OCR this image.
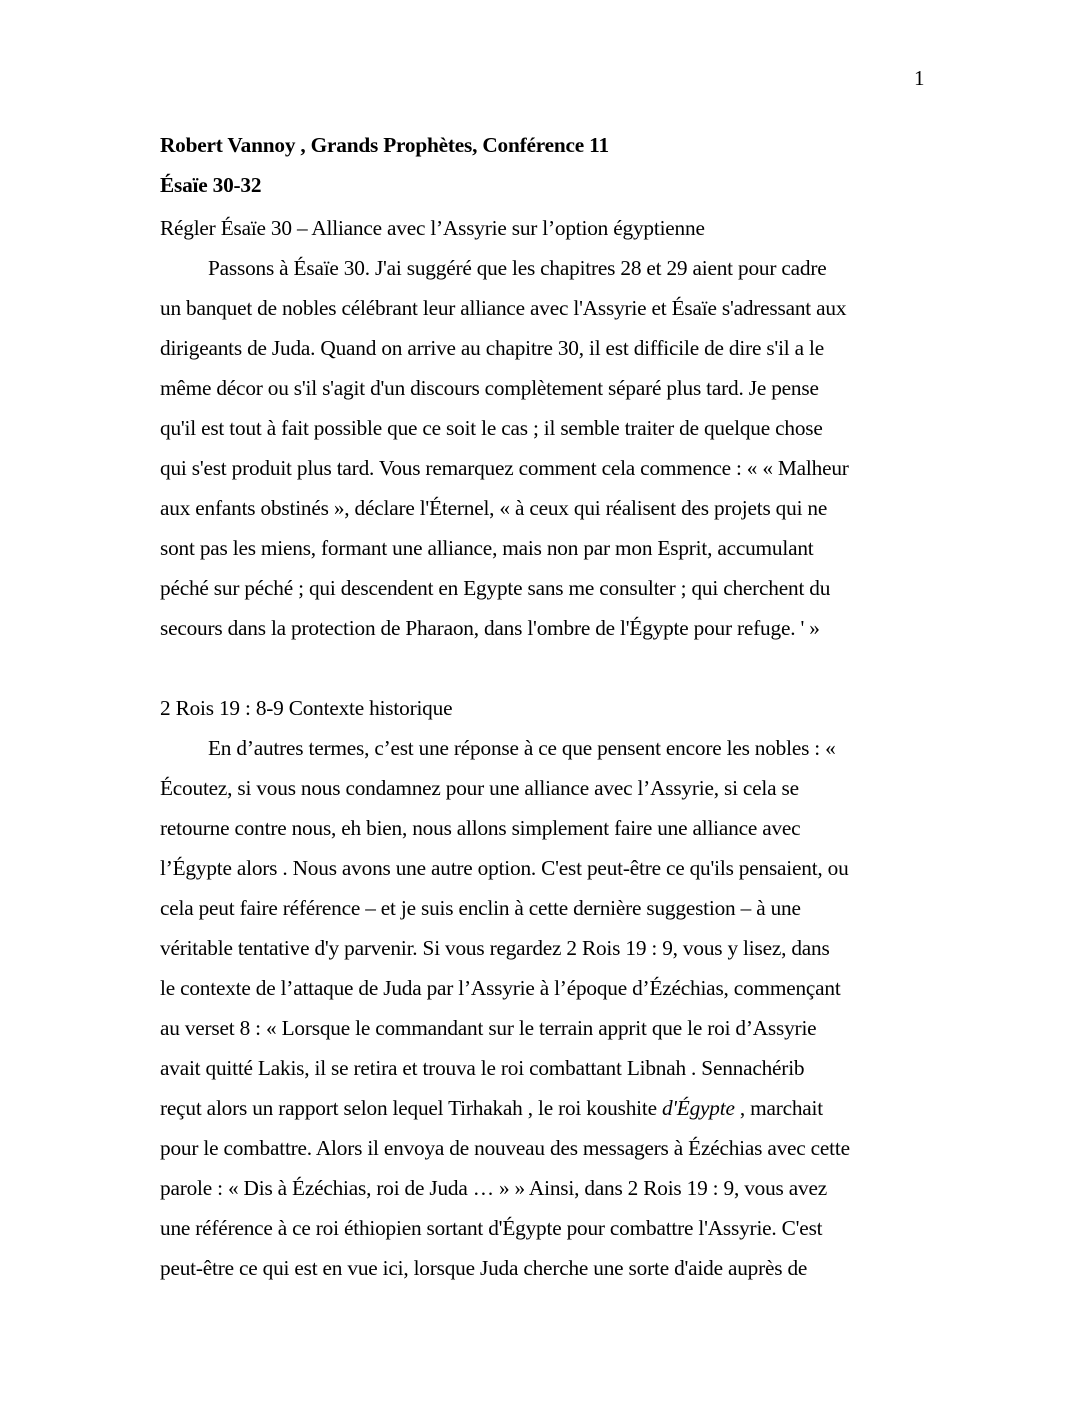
1
Robert Vannoy , Grands Prophètes, Conférence 11
Ésaïe 30-32
Régler Ésaïe 30 – Alliance avec l’Assyrie sur l’option égyptienne
Passons à Ésaïe 30. J'ai suggéré que les chapitres 28 et 29 aient pour cadre
un banquet de nobles célébrant leur alliance avec l'Assyrie et Ésaïe s'adressant aux
dirigeants de Juda. Quand on arrive au chapitre 30, il est difficile de dire s'il a le
même décor ou s'il s'agit d'un discours complètement séparé plus tard. Je pense
qu'il est tout à fait possible que ce soit le cas ; il semble traiter de quelque chose
qui s'est produit plus tard. Vous remarquez comment cela commence : « « Malheur
aux enfants obstinés », déclare l'Éternel, « à ceux qui réalisent des projets qui ne
sont pas les miens, formant une alliance, mais non par mon Esprit, accumulant
péché sur péché ; qui descendent en Egypte sans me consulter ; qui cherchent du
secours dans la protection de Pharaon, dans l'ombre de l'Égypte pour refuge. ' »
2 Rois 19 : 8-9 Contexte historique
En d’autres termes, c’est une réponse à ce que pensent encore les nobles : «
Écoutez, si vous nous condamnez pour une alliance avec l’Assyrie, si cela se
retourne contre nous, eh bien, nous allons simplement faire une alliance avec
l’Égypte alors . Nous avons une autre option. C'est peut-être ce qu'ils pensaient, ou
cela peut faire référence – et je suis enclin à cette dernière suggestion – à une
véritable tentative d'y parvenir. Si vous regardez 2 Rois 19 : 9, vous y lisez, dans
le contexte de l’attaque de Juda par l’Assyrie à l’époque d’Ézéchias, commençant
au verset 8 : « Lorsque le commandant sur le terrain apprit que le roi d’Assyrie
avait quitté Lakis, il se retira et trouva le roi combattant Libnah . Sennachérib
reçut alors un rapport selon lequel Tirhakah , le roi koushite d'Égypte , marchait
pour le combattre. Alors il envoya de nouveau des messagers à Ézéchias avec cette
parole : « Dis à Ézéchias, roi de Juda … » » Ainsi, dans 2 Rois 19 : 9, vous avez
une référence à ce roi éthiopien sortant d'Égypte pour combattre l'Assyrie. C'est
peut-être ce qui est en vue ici, lorsque Juda cherche une sorte d'aide auprès de
